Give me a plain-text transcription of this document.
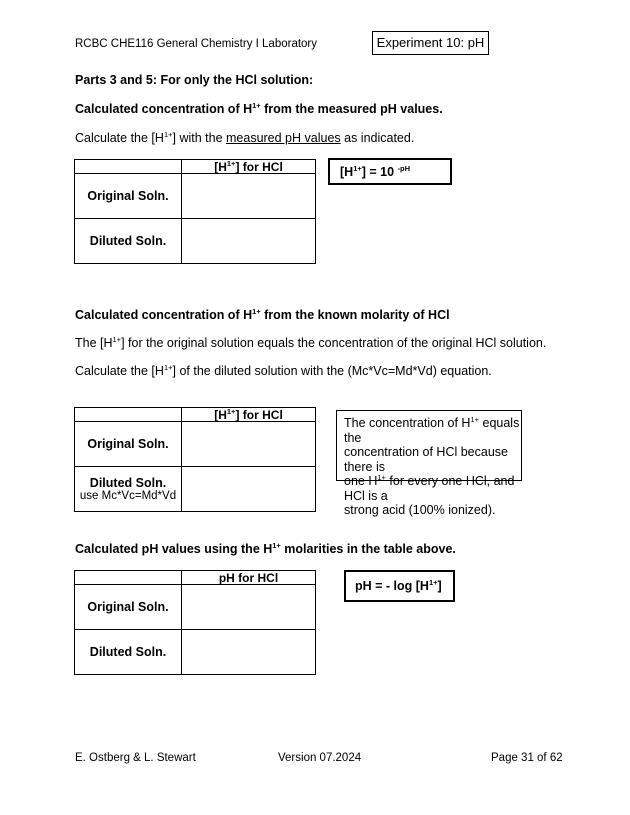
RCBC CHE116 General Chemistry I Laboratory	Experiment 10: pH
Parts 3 and 5: For only the HCl solution:
Calculated concentration of $H^{1+}$ from the measured pH values.
Calculate the $[H^{1+}]$ with the measured pH values as indicated.
	$[H^{1+}]$ for HCl
Original Soln.	
Diluted Soln.	
$[H^{1+}] = 10$ $^{-pH}$
Calculated concentration of $H^{1+}$ from the known molarity of HCl
The $[H^{1+}]$ for the original solution equals the concentration of the original HCl solution.
Calculate the $[H^{1+}]$ of the diluted solution with the (Mc*Vc=Md*Vd) equation.
	$[H^{1+}]$ for HCl
Original Soln.	

Diluted Soln.
use Mc*Vc=Md*Vd	

The concentration of $H^{1+}$ equals the
concentration of HCl because there is
one $H^{1+}$ for every one HCl, and HCl is a
strong acid (100% ionized).
Calculated pH values using the $H^{1+}$ molarities in the table above.
	pH for HCl
Original Soln.	
Diluted Soln.	
pH = - $\log [H^{1+}]$
E. Ostberg & L. Stewart	Version 07.2024	Page 31 of 62
